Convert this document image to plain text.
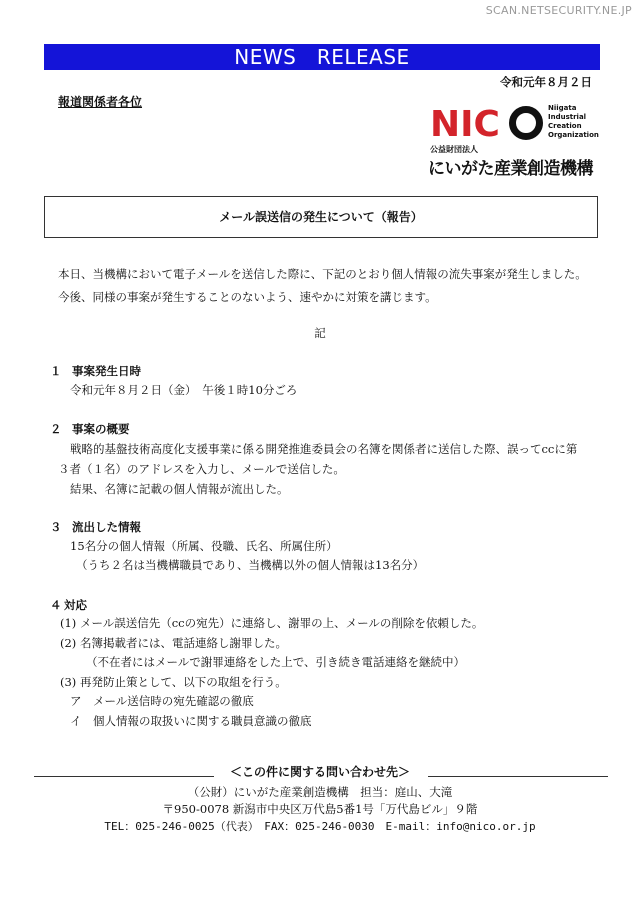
SCAN.NETSECURITY.NE.JP
NEWS　RELEASE
令和元年８月２日
報道関係者各位
NIC	Niigata
Industrial
Creation
Organization
公益財団法人
にいがた産業創造機構
メール誤送信の発生について（報告）
本日、当機構において電子メールを送信した際に、下記のとおり個人情報の流失事案が発生しました。
今後、同様の事案が発生することのないよう、速やかに対策を講じます。
記
１ 事案発生日時
令和元年８月２日（金）　午後１時10分ごろ
２ 事案の概要
戦略的基盤技術高度化支援事業に係る開発推進委員会の名簿を関係者に送信した際、誤ってccに第
３者（１名）のアドレスを入力し、メールで送信した。
結果、名簿に記載の個人情報が流出した。
３ 流出した情報
15名分の個人情報（所属、役職、氏名、所属住所）
（うち２名は当機構職員であり、当機構以外の個人情報は13名分）
４ 対応
(1) メール誤送信先（ccの宛先）に連絡し、謝罪の上、メールの削除を依頼した。
(2) 名簿掲載者には、電話連絡し謝罪した。
（不在者にはメールで謝罪連絡をした上で、引き続き電話連絡を継続中）
(3) 再発防止策として、以下の取組を行う。
ア　メール送信時の宛先確認の徹底
イ　個人情報の取扱いに関する職員意識の徹底
＜この件に関する問い合わせ先＞
（公財）にいがた産業創造機構　担当：庭山、大滝
〒950-0078 新潟市中央区万代島5番1号「万代島ビル」９階
TEL：025-246-0025（代表）　FAX：025-246-0030　E-mail：info@nico.or.jp
